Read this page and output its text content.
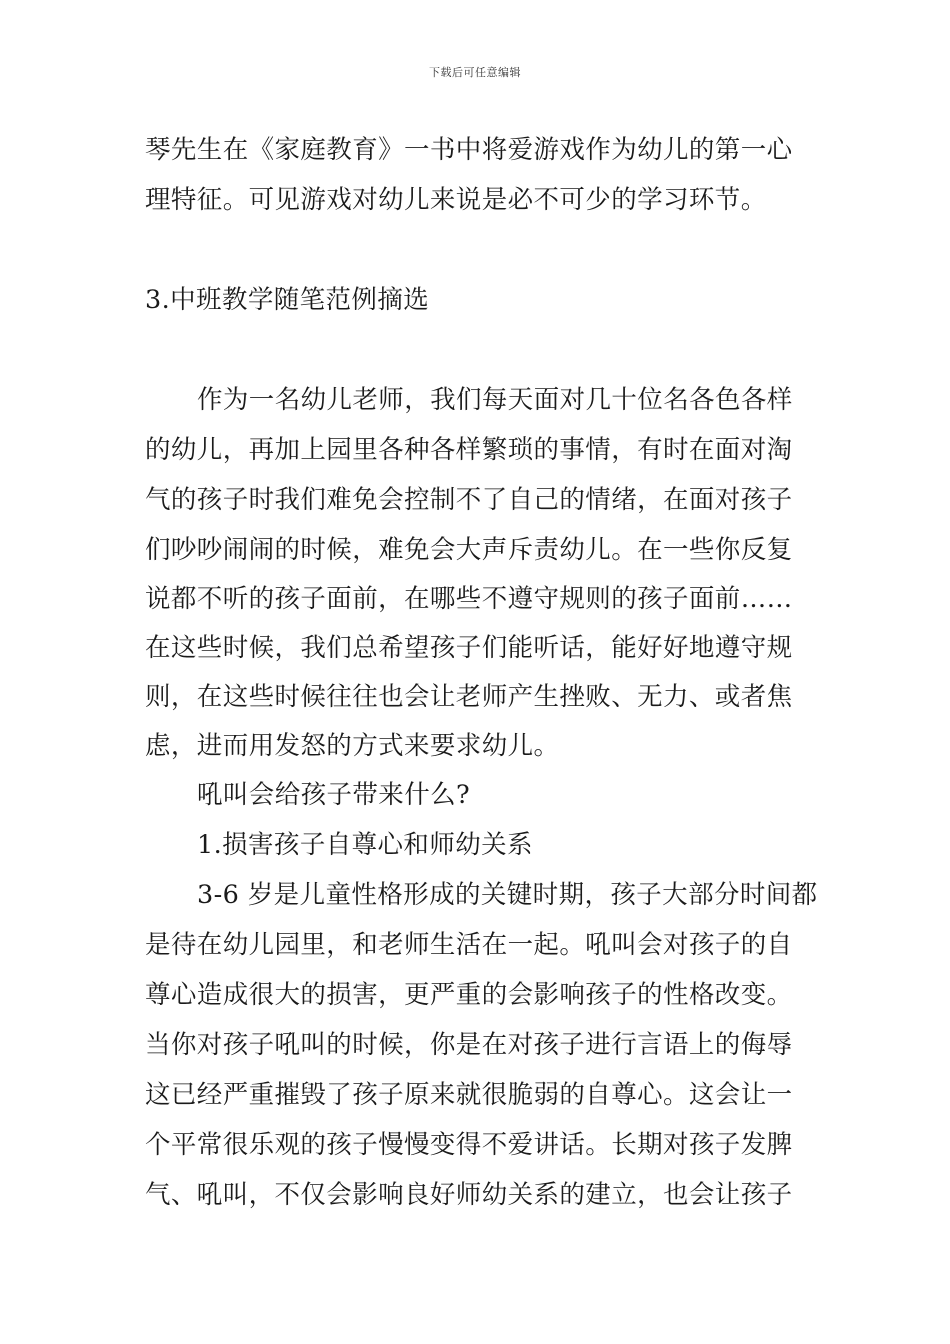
下载后可任意编辑
琴先生在《家庭教育》一书中将爱游戏作为幼儿的第一心
理特征。可见游戏对幼儿来说是必不可少的学习环节。
3.中班教学随笔范例摘选
作为一名幼儿老师，我们每天面对几十位名各色各样
的幼儿，再加上园里各种各样繁琐的事情，有时在面对淘
气的孩子时我们难免会控制不了自己的情绪，在面对孩子
们吵吵闹闹的时候，难免会大声斥责幼儿。在一些你反复
说都不听的孩子面前，在哪些不遵守规则的孩子面前……
在这些时候，我们总希望孩子们能听话，能好好地遵守规
则，在这些时候往往也会让老师产生挫败、无力、或者焦
虑，进而用发怒的方式来要求幼儿。
吼叫会给孩子带来什么?
1.损害孩子自尊心和师幼关系
3-6 岁是儿童性格形成的关键时期，孩子大部分时间都
是待在幼儿园里，和老师生活在一起。吼叫会对孩子的自
尊心造成很大的损害，更严重的会影响孩子的性格改变。
当你对孩子吼叫的时候，你是在对孩子进行言语上的侮辱
这已经严重摧毁了孩子原来就很脆弱的自尊心。这会让一
个平常很乐观的孩子慢慢变得不爱讲话。长期对孩子发脾
气、吼叫，不仅会影响良好师幼关系的建立，也会让孩子
